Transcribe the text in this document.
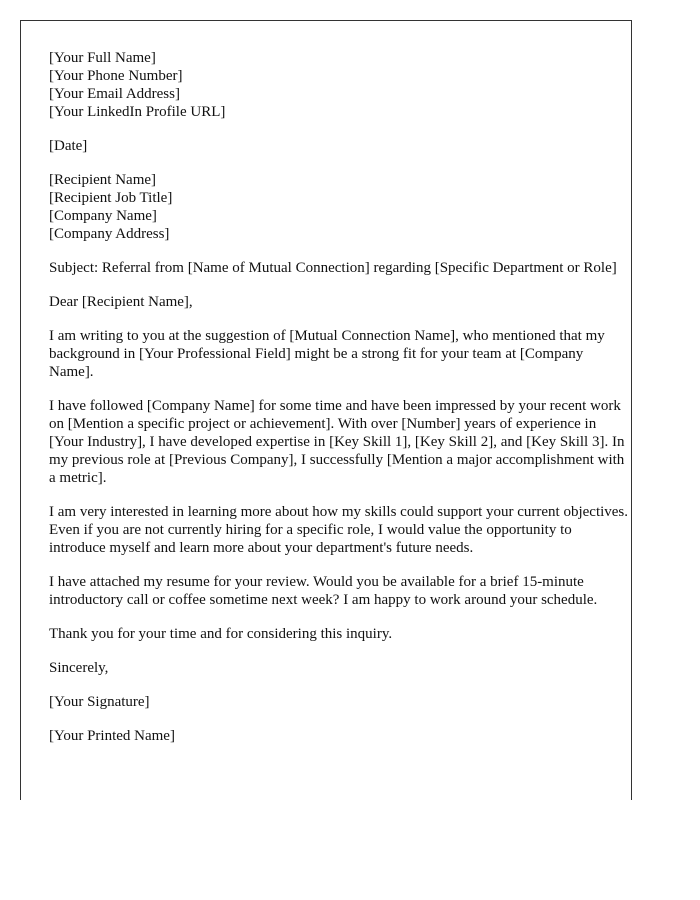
[Your Full Name]
[Your Phone Number]
[Your Email Address]
[Your LinkedIn Profile URL]

[Date]

[Recipient Name]
[Recipient Job Title]
[Company Name]
[Company Address]

Subject: Referral from [Name of Mutual Connection] regarding [Specific Department or Role]

Dear [Recipient Name],

I am writing to you at the suggestion of [Mutual Connection Name], who mentioned that my background in [Your Professional Field] might be a strong fit for your team at [Company Name].

I have followed [Company Name] for some time and have been impressed by your recent work on [Mention a specific project or achievement]. With over [Number] years of experience in [Your Industry], I have developed expertise in [Key Skill 1], [Key Skill 2], and [Key Skill 3]. In my previous role at [Previous Company], I successfully [Mention a major accomplishment with a metric].

I am very interested in learning more about how my skills could support your current objectives. Even if you are not currently hiring for a specific role, I would value the opportunity to introduce myself and learn more about your department's future needs.

I have attached my resume for your review. Would you be available for a brief 15-minute introductory call or coffee sometime next week? I am happy to work around your schedule.

Thank you for your time and for considering this inquiry.

Sincerely,

[Your Signature]

[Your Printed Name]
